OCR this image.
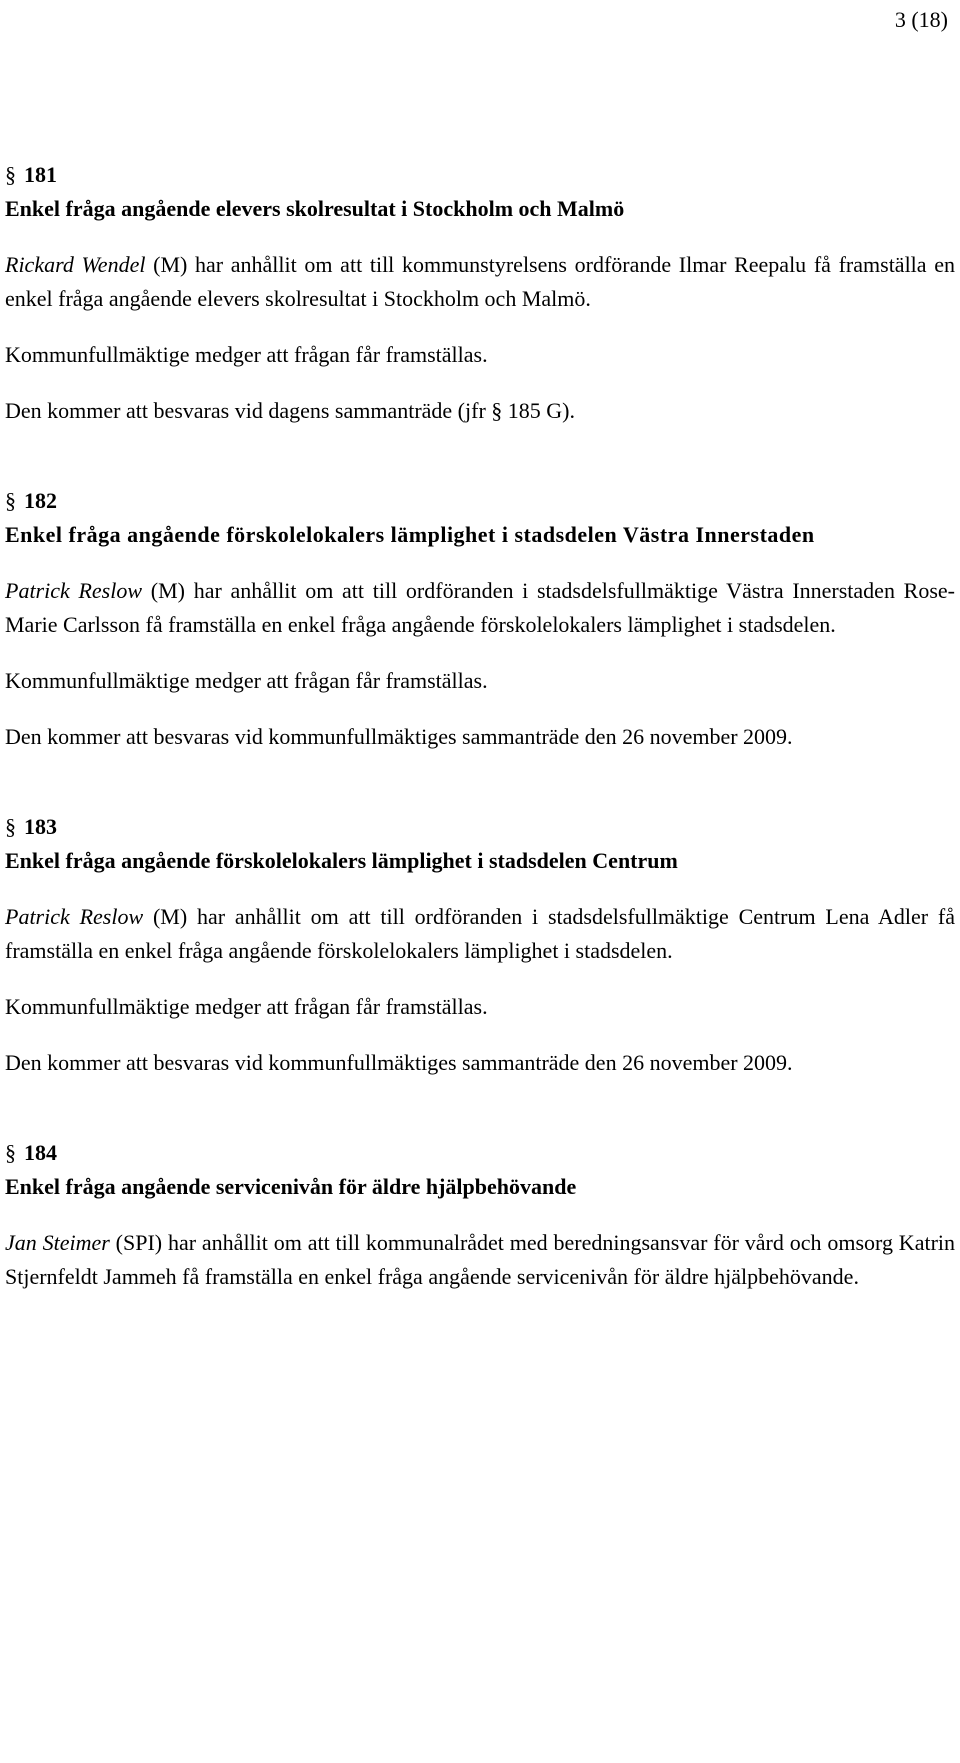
3 (18)
§ 181
Enkel fråga angående elevers skolresultat i Stockholm och Malmö

Rickard Wendel (M) har anhållit om att till kommunstyrelsens ordförande Ilmar Reepalu få framställa en enkel fråga angående elevers skolresultat i Stockholm och Malmö.

Kommunfullmäktige medger att frågan får framställas.

Den kommer att besvaras vid dagens sammanträde (jfr § 185 G).

§ 182
Enkel fråga angående förskolelokalers lämplighet i stadsdelen Västra Innerstaden

Patrick Reslow (M) har anhållit om att till ordföranden i stadsdelsfullmäktige Västra Innerstaden Rose-Marie Carlsson få framställa en enkel fråga angående förskolelokalers lämplighet i stadsdelen.

Kommunfullmäktige medger att frågan får framställas.

Den kommer att besvaras vid kommunfullmäktiges sammanträde den 26 november 2009.

§ 183
Enkel fråga angående förskolelokalers lämplighet i stadsdelen Centrum

Patrick Reslow (M) har anhållit om att till ordföranden i stadsdelsfullmäktige Centrum Lena Adler få framställa en enkel fråga angående förskolelokalers lämplighet i stadsdelen.

Kommunfullmäktige medger att frågan får framställas.

Den kommer att besvaras vid kommunfullmäktiges sammanträde den 26 november 2009.

§ 184
Enkel fråga angående servicenivån för äldre hjälpbehövande

Jan Steimer (SPI) har anhållit om att till kommunalrådet med beredningsansvar för vård och omsorg Katrin Stjernfeldt Jammeh få framställa en enkel fråga angående servicenivån för äldre hjälpbehövande.
